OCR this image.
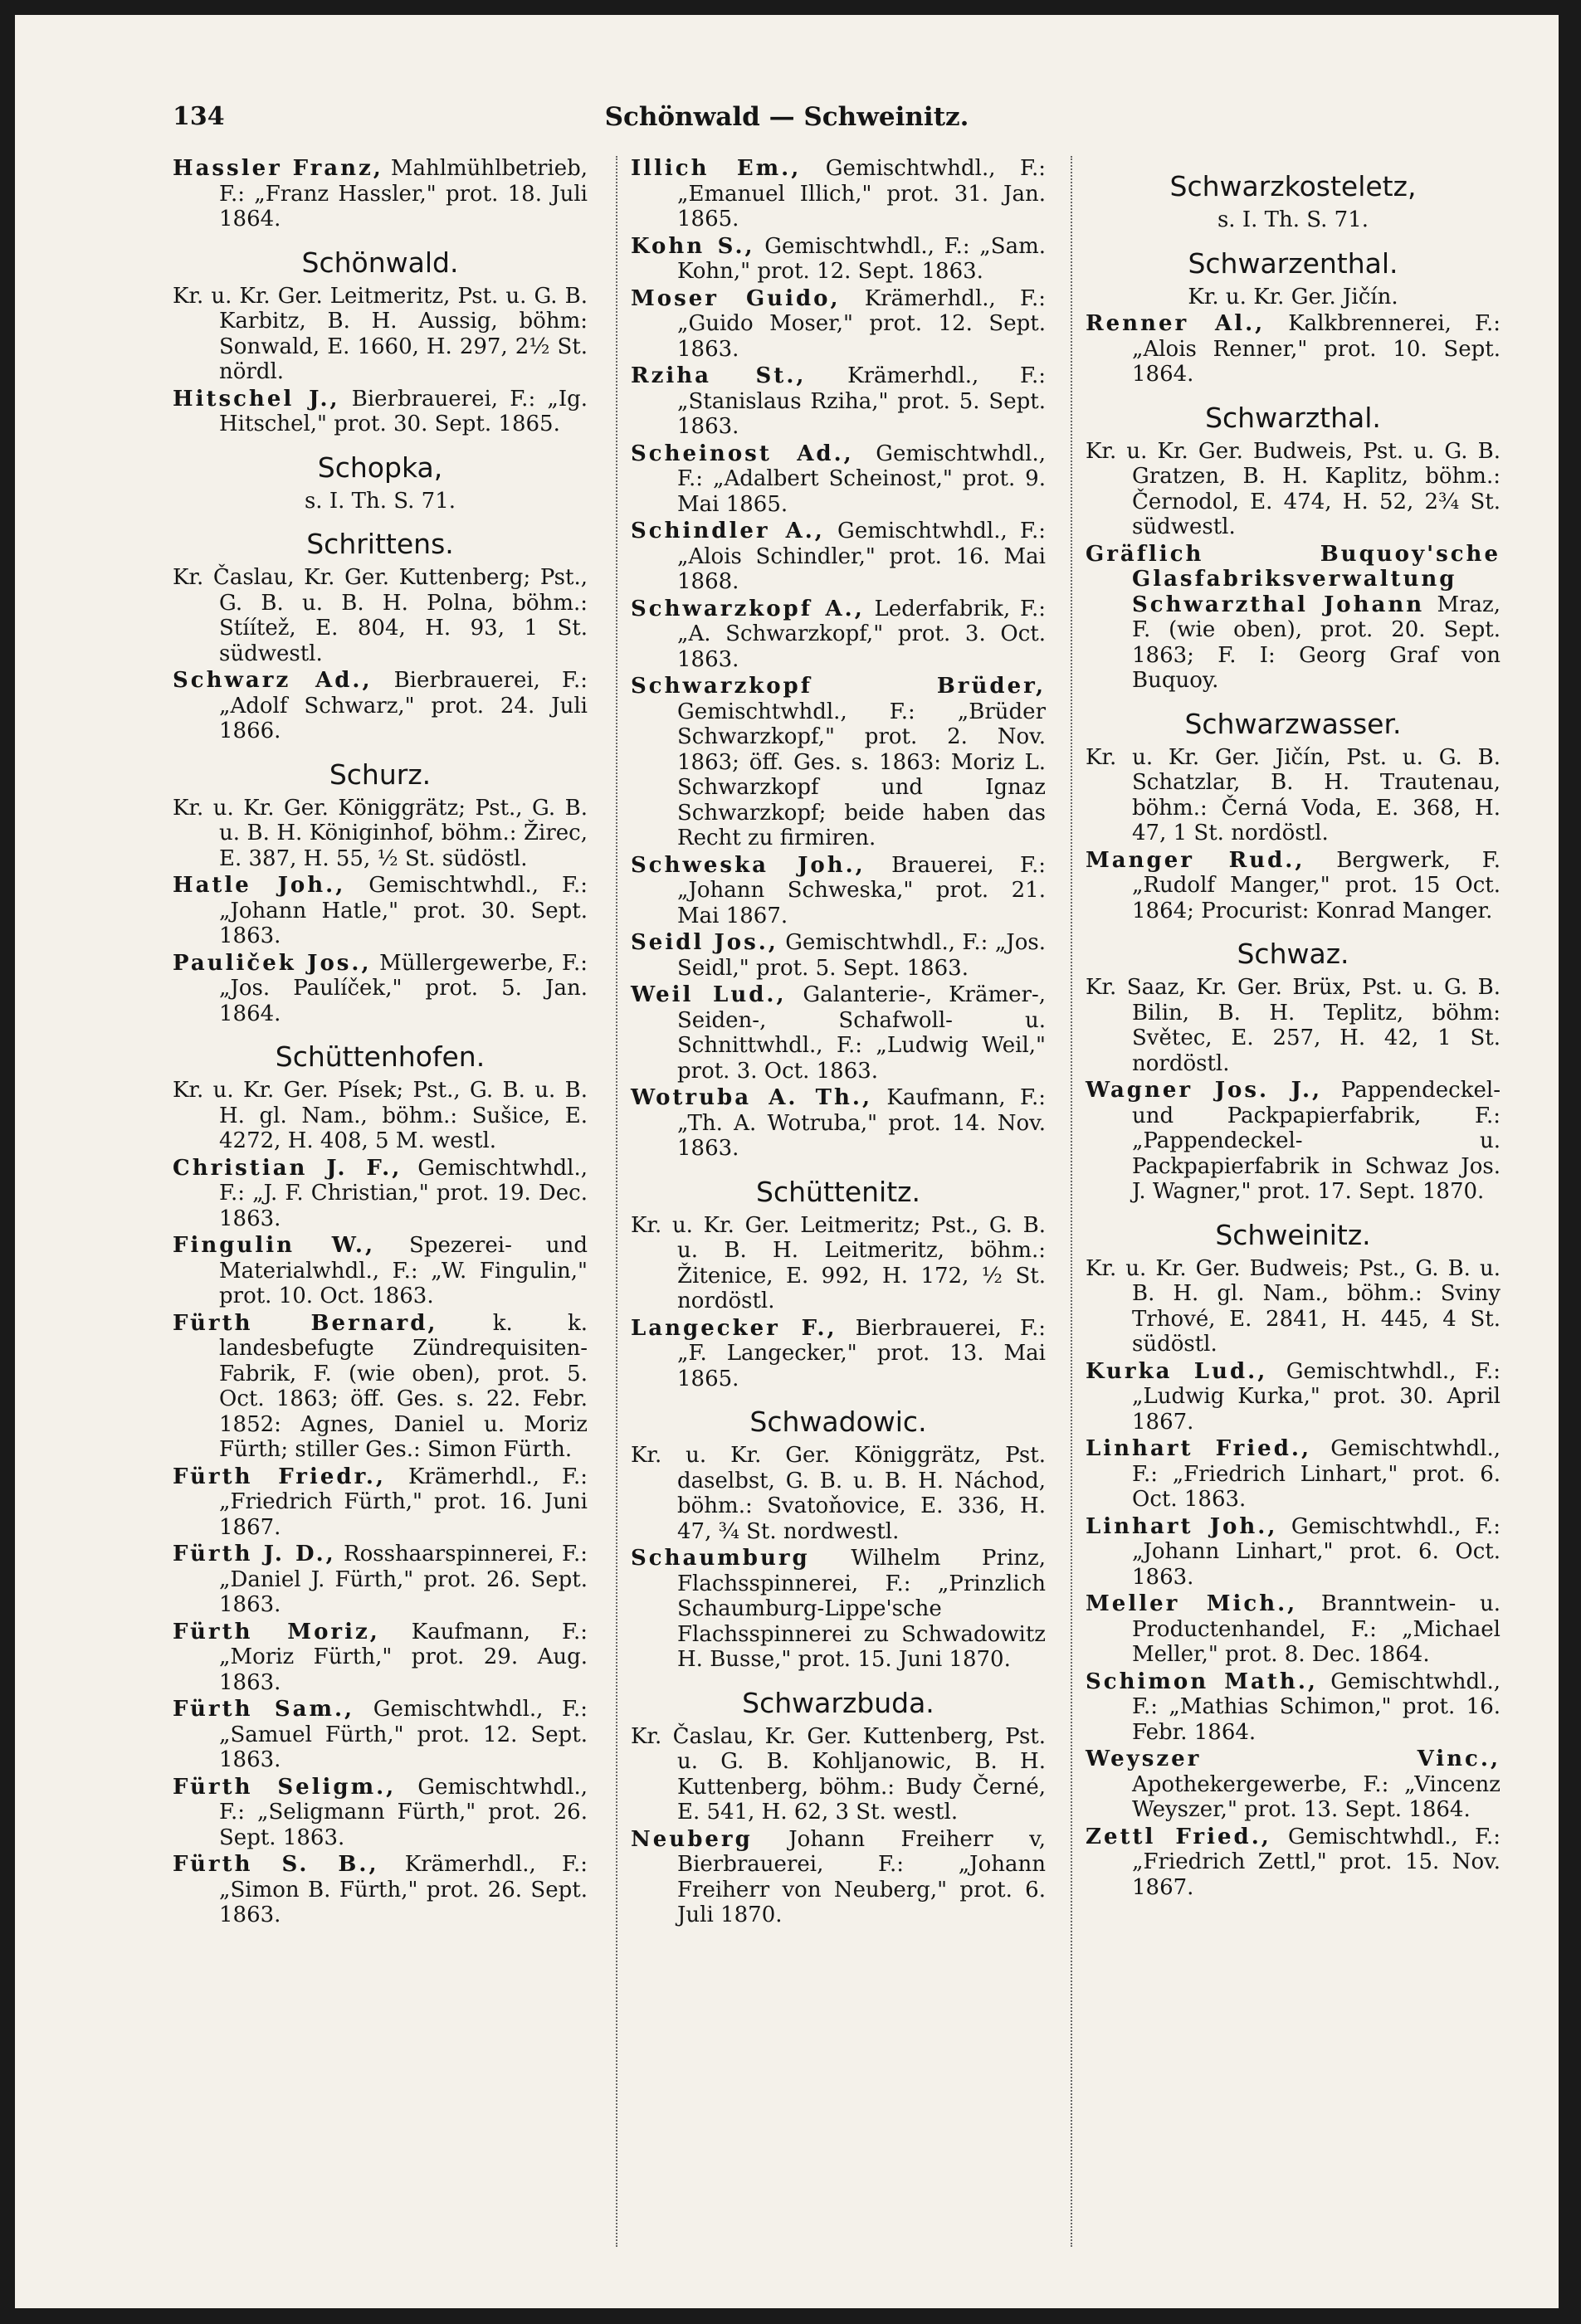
134	Schönwald — Schweinitz.

Hassler Franz, Mahlmühlbetrieb, F.: „Franz Hassler," prot. 18. Juli 1864.

Schönwald.

Kr. u. Kr. Ger. Leitmeritz, Pst. u. G. B. Karbitz, B. H. Aussig, böhm: Sonwald, E. 1660, H. 297, 2½ St. nördl.

Hitschel J., Bierbrauerei, F.: „Ig. Hitschel," prot. 30. Sept. 1865.

Schopka,
s. I. Th. S. 71.
Schrittens.

Kr. Časlau, Kr. Ger. Kuttenberg; Pst., G. B. u. B. H. Polna, böhm.: Stíítež, E. 804, H. 93, 1 St. südwestl.

Schwarz Ad., Bierbrauerei, F.: „Adolf Schwarz," prot. 24. Juli 1866.

Schurz.

Kr. u. Kr. Ger. Königgrätz; Pst., G. B. u. B. H. Königinhof, böhm.: Žirec, E. 387, H. 55, ½ St. südöstl.

Hatle Joh., Gemischtwhdl., F.: „Johann Hatle," prot. 30. Sept. 1863.

Pauliček Jos., Müllergewerbe, F.: „Jos. Paulíček," prot. 5. Jan. 1864.

Schüttenhofen.

Kr. u. Kr. Ger. Písek; Pst., G. B. u. B. H. gl. Nam., böhm.: Sušice, E. 4272, H. 408, 5 M. westl.

Christian J. F., Gemischtwhdl., F.: „J. F. Christian," prot. 19. Dec. 1863.

Fingulin W., Spezerei- und Materialwhdl., F.: „W. Fingulin," prot. 10. Oct. 1863.

Fürth Bernard, k. k. landesbefugte Zündrequisiten-Fabrik, F. (wie oben), prot. 5. Oct. 1863; öff. Ges. s. 22. Febr. 1852: Agnes, Daniel u. Moriz Fürth; stiller Ges.: Simon Fürth.

Fürth Friedr., Krämerhdl., F.: „Friedrich Fürth," prot. 16. Juni 1867.

Fürth J. D., Rosshaarspinnerei, F.: „Daniel J. Fürth," prot. 26. Sept. 1863.

Fürth Moriz, Kaufmann, F.: „Moriz Fürth," prot. 29. Aug. 1863.

Fürth Sam., Gemischtwhdl., F.: „Samuel Fürth," prot. 12. Sept. 1863.

Fürth Seligm., Gemischtwhdl., F.: „Seligmann Fürth," prot. 26. Sept. 1863.

Fürth S. B., Krämerhdl., F.: „Simon B. Fürth," prot. 26. Sept. 1863.

Illich Em., Gemischtwhdl., F.: „Emanuel Illich," prot. 31. Jan. 1865.

Kohn S., Gemischtwhdl., F.: „Sam. Kohn," prot. 12. Sept. 1863.

Moser Guido, Krämerhdl., F.: „Guido Moser," prot. 12. Sept. 1863.

Rziha St., Krämerhdl., F.: „Stanislaus Rziha," prot. 5. Sept. 1863.

Scheinost Ad., Gemischtwhdl., F.: „Adalbert Scheinost," prot. 9. Mai 1865.

Schindler A., Gemischtwhdl., F.: „Alois Schindler," prot. 16. Mai 1868.

Schwarzkopf A., Lederfabrik, F.: „A. Schwarzkopf," prot. 3. Oct. 1863.

Schwarzkopf Brüder, Gemischtwhdl., F.: „Brüder Schwarzkopf," prot. 2. Nov. 1863; öff. Ges. s. 1863: Moriz L. Schwarzkopf und Ignaz Schwarzkopf; beide haben das Recht zu firmiren.

Schweska Joh., Brauerei, F.: „Johann Schweska," prot. 21. Mai 1867.

Seidl Jos., Gemischtwhdl., F.: „Jos. Seidl," prot. 5. Sept. 1863.

Weil Lud., Galanterie-, Krämer-, Seiden-, Schafwoll- u. Schnittwhdl., F.: „Ludwig Weil," prot. 3. Oct. 1863.

Wotruba A. Th., Kaufmann, F.: „Th. A. Wotruba," prot. 14. Nov. 1863.

Schüttenitz.

Kr. u. Kr. Ger. Leitmeritz; Pst., G. B. u. B. H. Leitmeritz, böhm.: Žitenice, E. 992, H. 172, ½ St. nordöstl.

Langecker F., Bierbrauerei, F.: „F. Langecker," prot. 13. Mai 1865.

Schwadowic.

Kr. u. Kr. Ger. Königgrätz, Pst. daselbst, G. B. u. B. H. Náchod, böhm.: Svatoňovice, E. 336, H. 47, ¾ St. nordwestl.

Schaumburg Wilhelm Prinz, Flachsspinnerei, F.: „Prinzlich Schaumburg-Lippe'sche Flachsspinnerei zu Schwadowitz H. Busse," prot. 15. Juni 1870.

Schwarzbuda.

Kr. Časlau, Kr. Ger. Kuttenberg, Pst. u. G. B. Kohljanowic, B. H. Kuttenberg, böhm.: Budy Černé, E. 541, H. 62, 3 St. westl.

Neuberg Johann Freiherr v, Bierbrauerei, F.: „Johann Freiherr von Neuberg," prot. 6. Juli 1870.

Schwarzkosteletz,
s. I. Th. S. 71.
Schwarzenthal.
Kr. u. Kr. Ger. Jičín.

Renner Al., Kalkbrennerei, F.: „Alois Renner," prot. 10. Sept. 1864.

Schwarzthal.

Kr. u. Kr. Ger. Budweis, Pst. u. G. B. Gratzen, B. H. Kaplitz, böhm.: Černodol, E. 474, H. 52, 2¾ St. südwestl.

Gräflich Buquoy'sche Glasfabriksverwaltung Schwarzthal Johann Mraz, F. (wie oben), prot. 20. Sept. 1863; F. I: Georg Graf von Buquoy.

Schwarzwasser.

Kr. u. Kr. Ger. Jičín, Pst. u. G. B. Schatzlar, B. H. Trautenau, böhm.: Černá Voda, E. 368, H. 47, 1 St. nordöstl.

Manger Rud., Bergwerk, F. „Rudolf Manger," prot. 15 Oct. 1864; Procurist: Konrad Manger.

Schwaz.

Kr. Saaz, Kr. Ger. Brüx, Pst. u. G. B. Bilin, B. H. Teplitz, böhm: Světec, E. 257, H. 42, 1 St. nordöstl.

Wagner Jos. J., Pappendeckel- und Packpapierfabrik, F.: „Pappendeckel- u. Packpapierfabrik in Schwaz Jos. J. Wagner," prot. 17. Sept. 1870.

Schweinitz.

Kr. u. Kr. Ger. Budweis; Pst., G. B. u. B. H. gl. Nam., böhm.: Sviny Trhové, E. 2841, H. 445, 4 St. südöstl.

Kurka Lud., Gemischtwhdl., F.: „Ludwig Kurka," prot. 30. April 1867.

Linhart Fried., Gemischtwhdl., F.: „Friedrich Linhart," prot. 6. Oct. 1863.

Linhart Joh., Gemischtwhdl., F.: „Johann Linhart," prot. 6. Oct. 1863.

Meller Mich., Branntwein- u. Productenhandel, F.: „Michael Meller," prot. 8. Dec. 1864.

Schimon Math., Gemischtwhdl., F.: „Mathias Schimon," prot. 16. Febr. 1864.

Weyszer Vinc., Apothekergewerbe, F.: „Vincenz Weyszer," prot. 13. Sept. 1864.

Zettl Fried., Gemischtwhdl., F.: „Friedrich Zettl," prot. 15. Nov. 1867.
